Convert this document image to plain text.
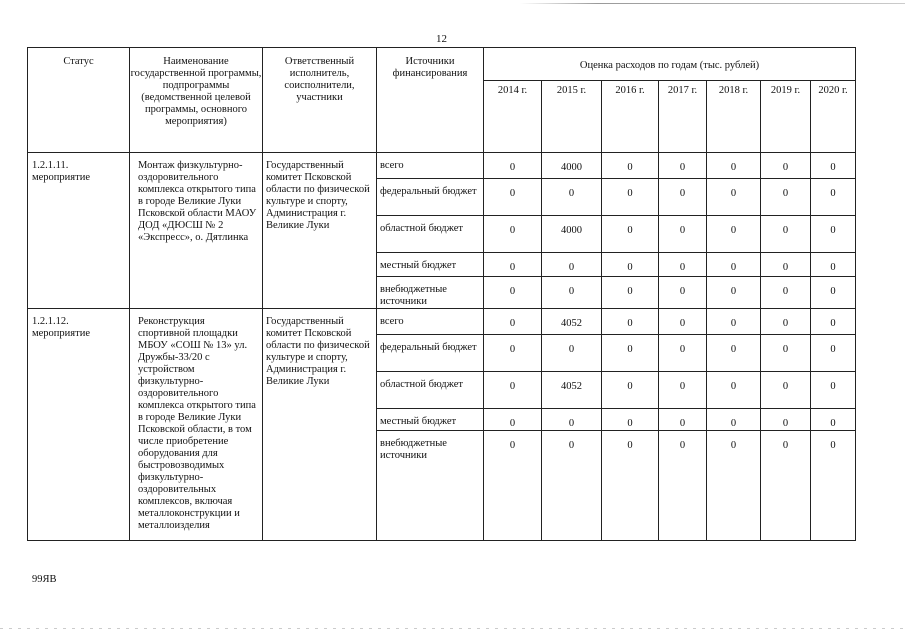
12
Статус	Наименование государственной программы, подпрограммы (ведомственной целевой программы, основного мероприятия)	Ответственный исполнитель, соисполнители, участники	Источники финансирования	Оценка расходов по годам (тыс. рублей)						
				2014 г.	2015 г.	2016 г.	2017 г.	2018 г.	2019 г.	2020 г.
1.2.1.11. мероприятие	Монтаж физкультурно-оздоровительного комплекса открытого типа в городе Великие Луки Псковской области МАОУ ДОД «ДЮСШ № 2 «Экспресс», о. Дятлинка	Государственный комитет Псковской области по физической культуре и спорту, Администрация г. Великие Луки	всего	0	4000	0	0	0	0	0
			федеральный бюджет	0	0	0	0	0	0	0
			областной бюджет	0	4000	0	0	0	0	0
			местный бюджет	0	0	0	0	0	0	0
			внебюджетные источники	0	0	0	0	0	0	0
1.2.1.12. мероприятие	Реконструкция спортивной площадки МБОУ «СОШ № 13» ул. Дружбы-33/20 с устройством физкультурно-оздоровительного комплекса открытого типа в городе Великие Луки Псковской области, в том числе приобретение оборудования для быстровозводимых физкультурно-оздоровительных комплексов, включая металлоконструкции и металлоизделия	Государственный комитет Псковской области по физической культуре и спорту, Администрация г. Великие Луки	всего	0	4052	0	0	0	0	0
			федеральный бюджет	0	0	0	0	0	0	0
			областной бюджет	0	4052	0	0	0	0	0
			местный бюджет	0	0	0	0	0	0	0
			внебюджетные источники	0	0	0	0	0	0	0
99ЯВ
